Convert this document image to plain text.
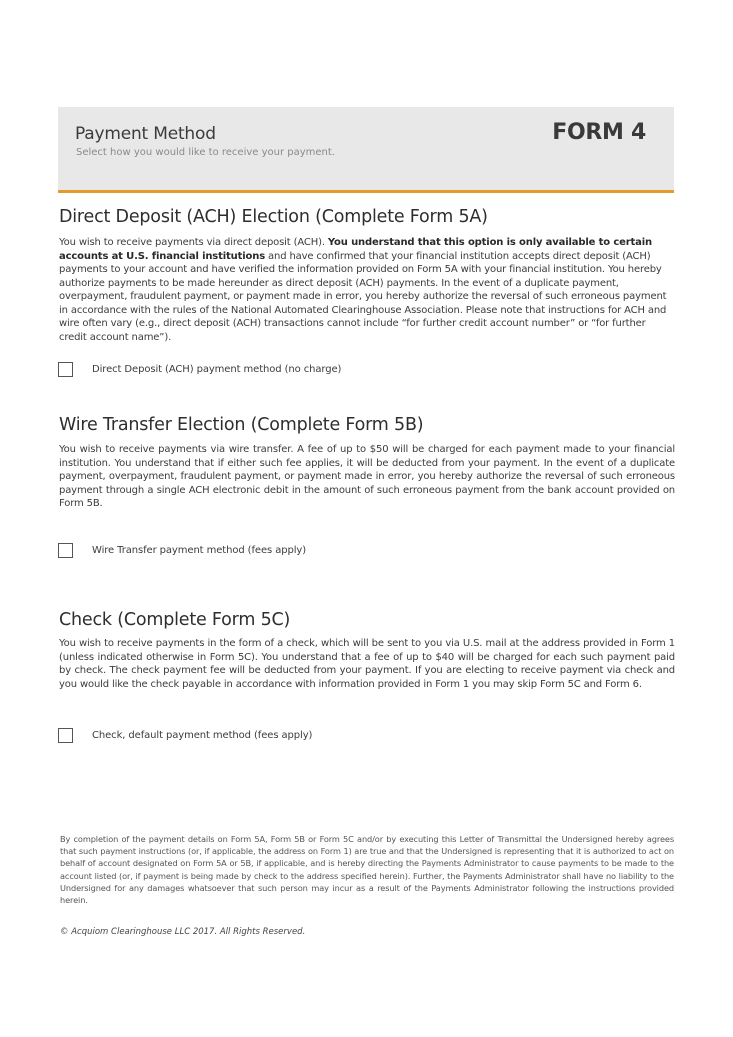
Payment Method
Select how you would like to receive your payment.
FORM 4
Direct Deposit (ACH) Election (Complete Form 5A)
You wish to receive payments via direct deposit (ACH). You understand that this option is only available to certain accounts at U.S. financial institutions and have confirmed that your financial institution accepts direct deposit (ACH) payments to your account and have verified the information provided on Form 5A with your financial institution. You hereby authorize payments to be made hereunder as direct deposit (ACH) payments. In the event of a duplicate payment, overpayment, fraudulent payment, or payment made in error, you hereby authorize the reversal of such erroneous payment in accordance with the rules of the National Automated Clearinghouse Association. Please note that instructions for ACH and wire often vary (e.g., direct deposit (ACH) transactions cannot include “for further credit account number” or “for further credit account name”).
Direct Deposit (ACH) payment method (no charge)
Wire Transfer Election (Complete Form 5B)
You wish to receive payments via wire transfer. A fee of up to $50 will be charged for each payment made to your financial institution. You understand that if either such fee applies, it will be deducted from your payment. In the event of a duplicate payment, overpayment, fraudulent payment, or payment made in error, you hereby authorize the reversal of such erroneous payment through a single ACH electronic debit in the amount of such erroneous payment from the bank account provided on Form 5B.
Wire Transfer payment method (fees apply)
Check (Complete Form 5C)
You wish to receive payments in the form of a check, which will be sent to you via U.S. mail at the address provided in Form 1 (unless indicated otherwise in Form 5C). You understand that a fee of up to $40 will be charged for each such payment paid by check. The check payment fee will be deducted from your payment. If you are electing to receive payment via check and you would like the check payable in accordance with information provided in Form 1 you may skip Form 5C and Form 6.
Check, default payment method (fees apply)
By completion of the payment details on Form 5A, Form 5B or Form 5C and/or by executing this Letter of Transmittal the Undersigned hereby agrees that such payment instructions (or, if applicable, the address on Form 1) are true and that the Undersigned is representing that it is authorized to act on behalf of account designated on Form 5A or 5B, if applicable, and is hereby directing the Payments Administrator to cause payments to be made to the account listed (or, if payment is being made by check to the address specified herein). Further, the Payments Administrator shall have no liability to the Undersigned for any damages whatsoever that such person may incur as a result of the Payments Administrator following the instructions provided herein.
© Acquiom Clearinghouse LLC 2017. All Rights Reserved.
